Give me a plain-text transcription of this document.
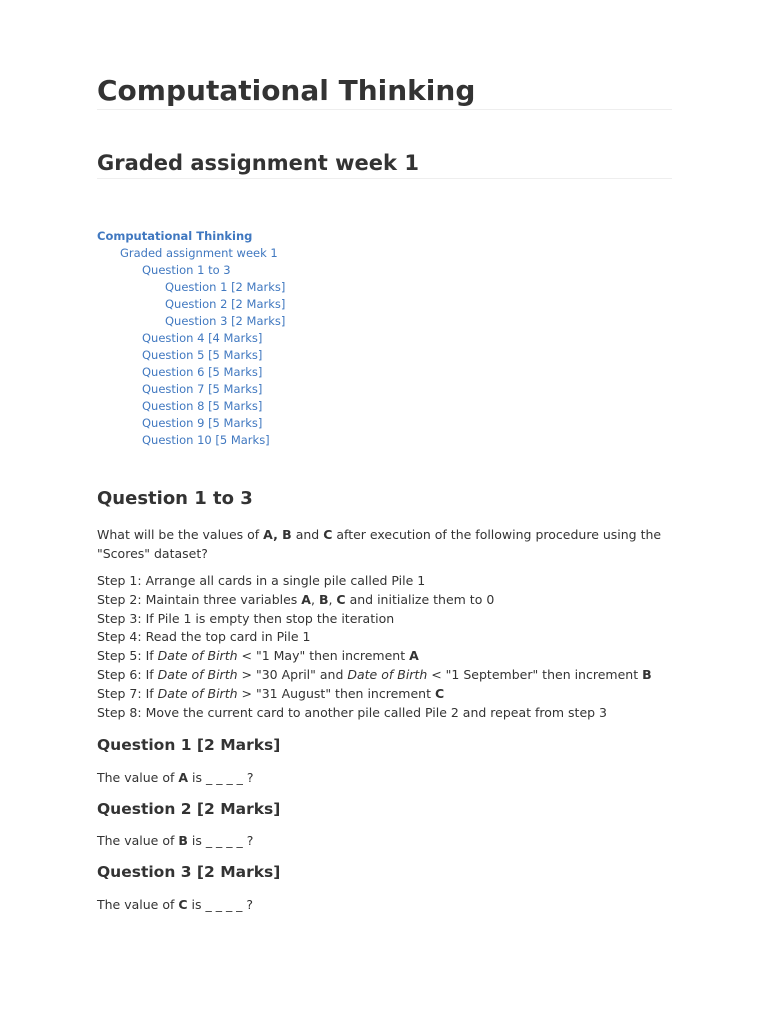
Computational Thinking
Graded assignment week 1
Computational Thinking
Graded assignment week 1
Question 1 to 3
Question 1 [2 Marks]
Question 2 [2 Marks]
Question 3 [2 Marks]
Question 4 [4 Marks]
Question 5 [5 Marks]
Question 6 [5 Marks]
Question 7 [5 Marks]
Question 8 [5 Marks]
Question 9 [5 Marks]
Question 10 [5 Marks]
Question 1 to 3

What will be the values of A, B and C after execution of the following procedure using the "Scores" dataset?

Step 1: Arrange all cards in a single pile called Pile 1
Step 2: Maintain three variables A, B, C and initialize them to 0
Step 3: If Pile 1 is empty then stop the iteration
Step 4: Read the top card in Pile 1
Step 5: If Date of Birth < "1 May" then increment A
Step 6: If Date of Birth > "30 April" and Date of Birth < "1 September" then increment B
Step 7: If Date of Birth > "31 August" then increment C
Step 8: Move the current card to another pile called Pile 2 and repeat from step 3
Question 1 [2 Marks]

The value of A is _ _ _ _ ?

Question 2 [2 Marks]

The value of B is _ _ _ _ ?

Question 3 [2 Marks]

The value of C is _ _ _ _ ?
